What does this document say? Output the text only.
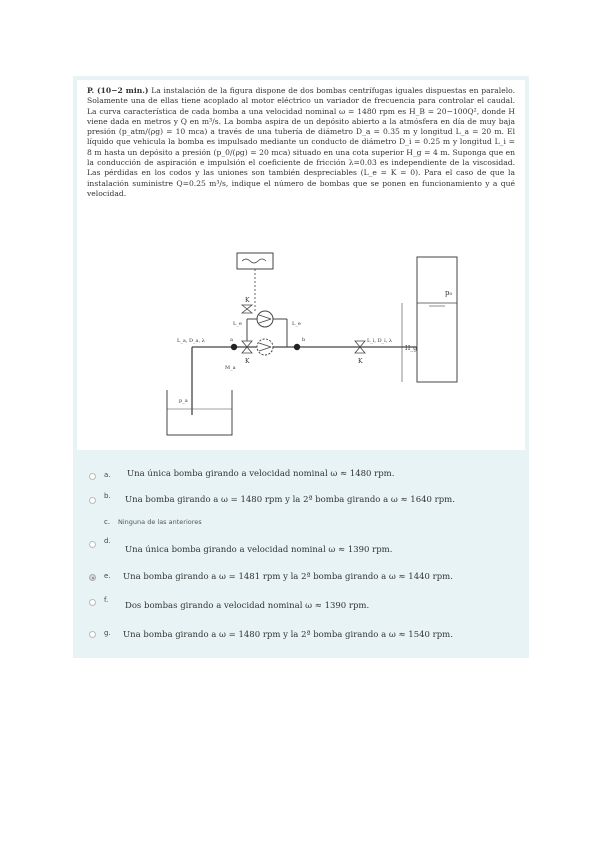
P. (10−2 min.) La instalación de la figura dispone de dos bombas centrífugas iguales dispuestas en paralelo. Solamente una de ellas tiene acoplado al motor eléctrico un variador de frecuencia para controlar el caudal. La curva característica de cada bomba a una velocidad nominal ω = 1480 rpm es H_B = 20−100Q², donde H viene dada en metros y Q en m³/s. La bomba aspira de un depósito abierto a la atmósfera en día de muy baja presión (p_atm/(ρg) = 10 mca) a través de una tubería de diámetro D_a = 0.35 m y longitud L_a = 20 m. El líquido que vehicula la bomba es impulsado mediante un conducto de diámetro D_i = 0.25 m y longitud L_i = 8 m hasta un depósito a presión (p_0/(ρg) = 20 mca) situado en una cota superior H_g = 4 m. Suponga que en la conducción de aspiración e impulsión el coeficiente de fricción λ=0.03 es independiente de la viscosidad. Las pérdidas en los codos y las uniones son también despreciables (L_e = K = 0). Para el caso de que la instalación suministre Q=0.25 m³/s, indique el número de bombas que se ponen en funcionamiento y a qué velocidad.

p₀
H_g
K
K	K
L_e	L_e
a	b
L_a, D_a, λ	L_i, D_i, λ
M_a
p_a
a. Una única bomba girando a velocidad nominal ω ≈ 1480 rpm.
b. Una bomba girando a ω = 1480 rpm y la 2ª bomba girando a ω ≈ 1640 rpm.
c. Ninguna de las anteriores
d.
Una única bomba girando a velocidad nominal ω ≈ 1390 rpm.
e. Una bomba girando a ω = 1481 rpm y la 2ª bomba girando a ω ≈ 1440 rpm.
f.
Dos bombas girando a velocidad nominal ω ≈ 1390 rpm.
g. Una bomba girando a ω = 1480 rpm y la 2ª bomba girando a ω ≈ 1540 rpm.
